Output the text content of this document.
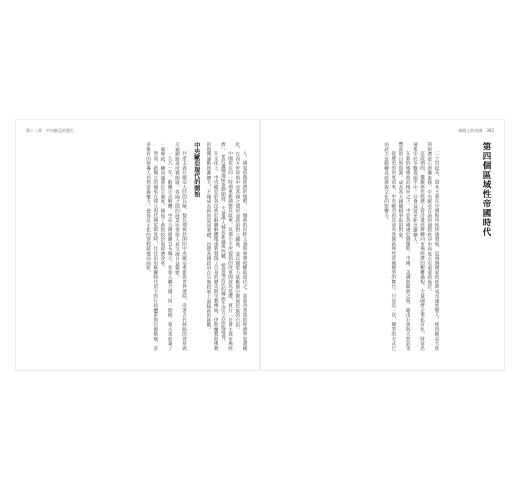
第十二章　中央歐亞的重生

人，國家依舊經濟的復甦，一個新的民粹主義與專制政權取而代之，並將改革派的經濟學家邊緣化，在西方世界與中亞各國之間形成新的對立關係，並以國家力量壓制宗教與民族的自由。

中國也在同一時期重新調整其政策，以鄧小平所提倡的改革開放為基礎，實行「社會主義市場經濟」，並於邊疆地區推動開發，大量漢人移居新疆與西藏，使當地居民的傳統生活方式面臨威脅。

在文化上，中央歐亞的各民族於蘇聯解體後重新發現了自身的歷史與宗教傳統，伊斯蘭教與佛教的復興運動逐漸擴大，不僅成為新的認同基礎，也使各國政府在宗教政策上面臨新的挑戰。

中央歐亞現代的開始

共產主義在歐亞大陸的瓦解，使長期被封閉的中央歐亞重新與世界連結，沿著古代絲路的貿易與交通網路再度被開啟，各國之間的商業往來與人員交流日益頻繁。

一九九一年，蘇聯正式解體，中亞五國相繼宣布獨立，並加入聯合國；同一時期，蒙古也放棄了一黨專政，轉向議會民主制度，開始了新的政治與經濟改革。

然而，新獨立的國家在建立現代國家制度時，往往沿用蘇聯時代留下的行政體系與官僚階層，許多舊有的領導人仍然掌握權力，使得民主化的進程緩慢而曲折。

絲路上的帝國　392
第四個區域性帝國時代

二十世紀末，資本主義在中國和印度快速發展，這兩個國家的經濟成長速度驚人，使得歐亞大陸的經濟重心逐漸東移，中央歐亞在新的國際秩序中再度占有重要的地位。

這段期間，俄羅斯也經歷了從計畫經濟轉向市場經濟的艱難過程，大量國營企業私有化，財富迅速集中於少數寡頭手中，社會貧富差距急遽擴大。

在新的地緣政治格局之下，中亞各國處於俄羅斯、中國、美國與歐洲之間，藉由石油與天然氣等豐富的自然資源，成為各大國競相爭取的對象。

從歷史的角度看來，中央歐亞再次成為各個區域性帝國競爭的舞台，只是這一次，競爭的方式已由武力征服轉為經濟與文化的影響力。
